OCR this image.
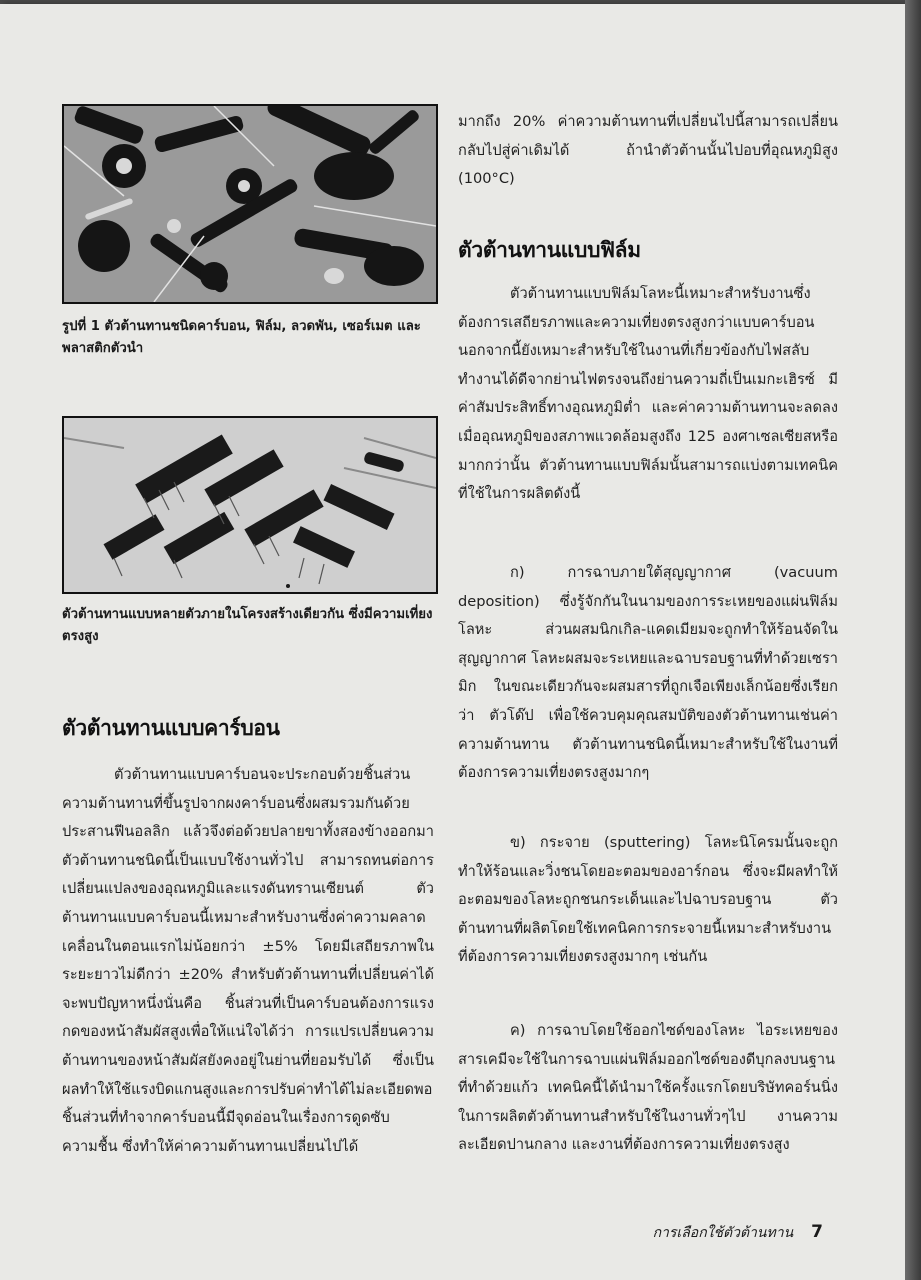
รูปที่ 1 ตัวต้านทานชนิดคาร์บอน, ฟิล์ม, ลวดพัน, เซอร์เมต และพลาสติกตัวนำ
ตัวต้านทานแบบหลายตัวภายในโครงสร้างเดียวกัน ซึ่งมีความเที่ยงตรงสูง
ตัวต้านทานแบบคาร์บอน
ตัวต้านทานแบบคาร์บอนจะประกอบด้วยชิ้นส่วนความต้านทานที่ขึ้นรูปจากผงคาร์บอนซึ่งผสมรวมกันด้วยประสานฟีนอลลิก แล้วจึงต่อด้วยปลายขาทั้งสองข้างออกมา ตัวต้านทานชนิดนี้เป็นแบบใช้งานทั่วไป สามารถทนต่อการเปลี่ยนแปลงของอุณหภูมิและแรงดันทรานเซียนต์ ตัวต้านทานแบบคาร์บอนนี้เหมาะสำหรับงานซึ่งค่าความคลาดเคลื่อนในตอนแรกไม่น้อยกว่า ±5% โดยมีเสถียรภาพในระยะยาวไม่ดีกว่า ±20% สำหรับตัวต้านทานที่เปลี่ยนค่าได้ จะพบปัญหาหนึ่งนั่นคือ ชิ้นส่วนที่เป็นคาร์บอนต้องการแรงกดของหน้าสัมผัสสูงเพื่อให้แน่ใจได้ว่า การแปรเปลี่ยนความต้านทานของหน้าสัมผัสยังคงอยู่ในย่านที่ยอมรับได้ ซึ่งเป็นผลทำให้ใช้แรงบิดแกนสูงและการปรับค่าทำได้ไม่ละเอียดพอ ชิ้นส่วนที่ทำจากคาร์บอนนี้มีจุดอ่อนในเรื่องการดูดซับความชื้น ซึ่งทำให้ค่าความต้านทานเปลี่ยนไปได้
มากถึง 20% ค่าความต้านทานที่เปลี่ยนไปนี้สามารถเปลี่ยนกลับไปสู่ค่าเดิมได้ ถ้านำตัวต้านนั้นไปอบที่อุณหภูมิสูง (100°C)
ตัวต้านทานแบบฟิล์ม
ตัวต้านทานแบบฟิล์มโลหะนี้เหมาะสำหรับงานซึ่งต้องการเสถียรภาพและความเที่ยงตรงสูงกว่าแบบคาร์บอนนอกจากนี้ยังเหมาะสำหรับใช้ในงานที่เกี่ยวข้องกับไฟสลับ ทำงานได้ดีจากย่านไฟตรงจนถึงย่านความถี่เป็นเมกะเฮิรซ์ มีค่าสัมประสิทธิ์ทางอุณหภูมิต่ำ และค่าความต้านทานจะลดลง เมื่ออุณหภูมิของสภาพแวดล้อมสูงถึง 125 องศาเซลเซียสหรือมากกว่านั้น ตัวต้านทานแบบฟิล์มนั้นสามารถแบ่งตามเทคนิคที่ใช้ในการผลิตดังนี้
ก) การฉาบภายใต้สุญญากาศ (vacuum deposition) ซึ่งรู้จักกันในนามของการระเหยของแผ่นฟิล์มโลหะ ส่วนผสมนิกเกิล-แคดเมียมจะถูกทำให้ร้อนจัดในสุญญากาศ โลหะผสมจะระเหยและฉาบรอบฐานที่ทำด้วยเซรามิก ในขณะเดียวกันจะผสมสารที่ถูกเจือเพียงเล็กน้อยซึ่งเรียกว่า ตัวโด๊ป เพื่อใช้ควบคุมคุณสมบัติของตัวต้านทานเช่นค่าความต้านทาน ตัวต้านทานชนิดนี้เหมาะสำหรับใช้ในงานที่ต้องการความเที่ยงตรงสูงมากๆ
ข) กระจาย (sputtering) โลหะนิโครมนั้นจะถูกทำให้ร้อนและวิ่งชนโดยอะตอมของอาร์กอน ซึ่งจะมีผลทำให้อะตอมของโลหะถูกชนกระเด็นและไปฉาบรอบฐาน ตัวต้านทานที่ผลิตโดยใช้เทคนิคการกระจายนี้เหมาะสำหรับงานที่ต้องการความเที่ยงตรงสูงมากๆ เช่นกัน
ค) การฉาบโดยใช้ออกไซด์ของโลหะ ไอระเหยของสารเคมีจะใช้ในการฉาบแผ่นฟิล์มออกไซด์ของดีบุกลงบนฐานที่ทำด้วยแก้ว เทคนิคนี้ได้นำมาใช้ครั้งแรกโดยบริษัทคอร์นนิ่งในการผลิตตัวต้านทานสำหรับใช้ในงานทั่วๆไป งานความละเอียดปานกลาง และงานที่ต้องการความเที่ยงตรงสูง
การเลือกใช้ตัวต้านทาน 7
